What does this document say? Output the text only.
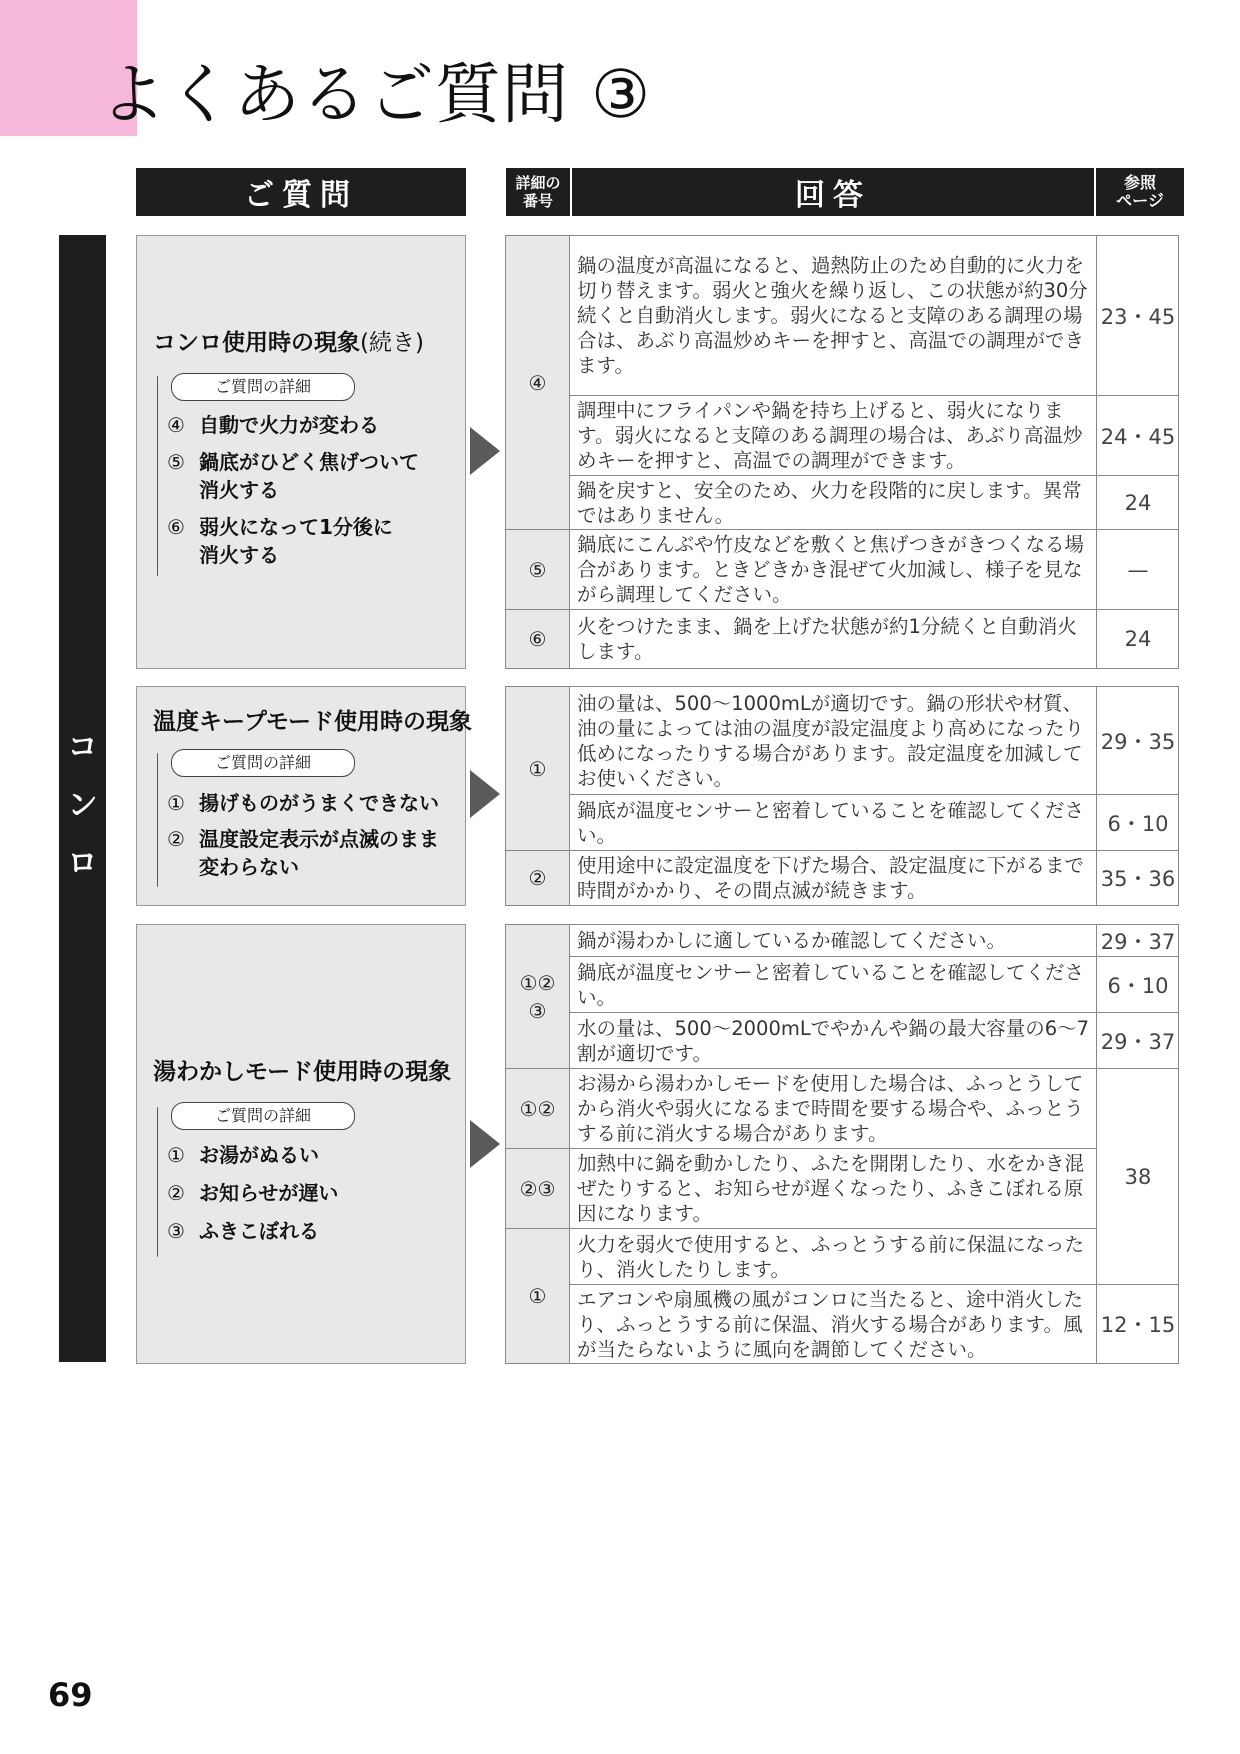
よくあるご質問 ③
ご質問	詳細の
番号	回答	参照
ページ
コ
ン
ロ
コンロ使用時の現象(続き)
ご質問の詳細
④ 自動で火力が変わる
⑤ 鍋底がひどく焦げついて
消火する
⑥ 弱火になって1分後に
消火する
④
鍋の温度が高温になると、過熱防止のため自動的に火力を切り替えます。弱火と強火を繰り返し、この状態が約30分続くと自動消火します。弱火になると支障のある調理の場合は、あぶり高温炒めキーを押すと、高温での調理ができます。
23・45
調理中にフライパンや鍋を持ち上げると、弱火になります。弱火になると支障のある調理の場合は、あぶり高温炒めキーを押すと、高温での調理ができます。
24・45
鍋を戻すと、安全のため、火力を段階的に戻します。異常ではありません。
24
⑤
鍋底にこんぶや竹皮などを敷くと焦げつきがきつくなる場合があります。ときどきかき混ぜて火加減し、様子を見ながら調理してください。
—
⑥
火をつけたまま、鍋を上げた状態が約1分続くと自動消火します。
24
温度キープモード使用時の現象
ご質問の詳細
① 揚げものがうまくできない
② 温度設定表示が点滅のまま
変わらない
①
油の量は、500〜1000mLが適切です。鍋の形状や材質、油の量によっては油の温度が設定温度より高めになったり低めになったりする場合があります。設定温度を加減してお使いください。
29・35
鍋底が温度センサーと密着していることを確認してください。	6・10
②
使用途中に設定温度を下げた場合、設定温度に下がるまで時間がかかり、その間点滅が続きます。	35・36
湯わかしモード使用時の現象
ご質問の詳細
① お湯がぬるい
② お知らせが遅い
③ ふきこぼれる
①② ③
鍋が湯わかしに適しているか確認してください。	29・37
鍋底が温度センサーと密着していることを確認してください。	6・10
水の量は、500〜2000mLでやかんや鍋の最大容量の6〜7割が適切です。	29・37
①②
お湯から湯わかしモードを使用した場合は、ふっとうしてから消火や弱火になるまで時間を要する場合や、ふっとうする前に消火する場合があります。
38
②③
加熱中に鍋を動かしたり、ふたを開閉したり、水をかき混ぜたりすると、お知らせが遅くなったり、ふきこぼれる原因になります。
①
火力を弱火で使用すると、ふっとうする前に保温になったり、消火したりします。
エアコンや扇風機の風がコンロに当たると、途中消火したり、ふっとうする前に保温、消火する場合があります。風が当たらないように風向を調節してください。
12・15
69
